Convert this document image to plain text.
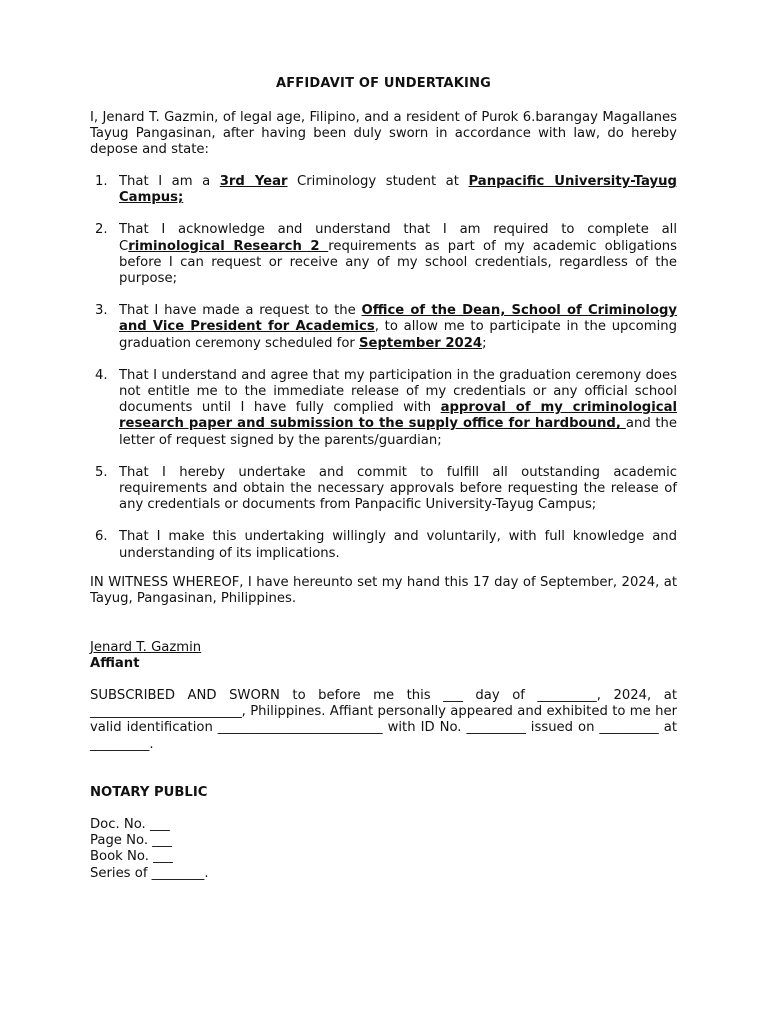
AFFIDAVIT OF UNDERTAKING
I, Jenard T. Gazmin, of legal age, Filipino, and a resident of Purok 6.barangay Magallanes Tayug Pangasinan, after having been duly sworn in accordance with law, do hereby depose and state:
1. That I am a 3rd Year Criminology student at Panpacific University-Tayug Campus;
2. That I acknowledge and understand that I am required to complete all Criminological Research 2 requirements as part of my academic obligations before I can request or receive any of my school credentials, regardless of the purpose;
3. That I have made a request to the Office of the Dean, School of Criminology and Vice President for Academics, to allow me to participate in the upcoming graduation ceremony scheduled for September 2024;
4. That I understand and agree that my participation in the graduation ceremony does not entitle me to the immediate release of my credentials or any official school documents until I have fully complied with approval of my criminological research paper and submission to the supply office for hardbound, and the letter of request signed by the parents/guardian;
5. That I hereby undertake and commit to fulfill all outstanding academic requirements and obtain the necessary approvals before requesting the release of any credentials or documents from Panpacific University-Tayug Campus;
6. That I make this undertaking willingly and voluntarily, with full knowledge and understanding of its implications.
IN WITNESS WHEREOF, I have hereunto set my hand this 17 day of September, 2024, at Tayug, Pangasinan, Philippines.
Jenard T. Gazmin
Affiant
SUBSCRIBED AND SWORN to before me this ___ day of _________, 2024, at _______________________, Philippines. Affiant personally appeared and exhibited to me her valid identification _________________________ with ID No. _________ issued on _________ at _________.
NOTARY PUBLIC
Doc. No. ___
Page No. ___
Book No. ___
Series of ________.
